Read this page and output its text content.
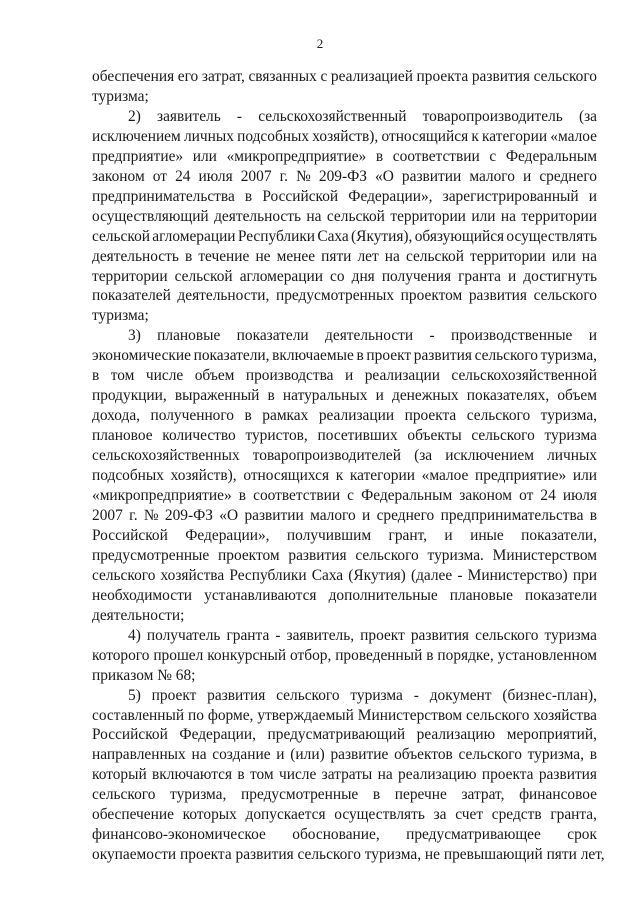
2
обеспечения его затрат, связанных с реализацией проекта развития сельского
туризма;
2) заявитель - сельскохозяйственный товаропроизводитель (за
исключением личных подсобных хозяйств), относящийся к категории «малое
предприятие» или «микропредприятие» в соответствии с Федеральным
законом от 24 июля 2007 г. № 209-ФЗ «О развитии малого и среднего
предпринимательства в Российской Федерации», зарегистрированный и
осуществляющий деятельность на сельской территории или на территории
сельской агломерации Республики Саха (Якутия), обязующийся осуществлять
деятельность в течение не менее пяти лет на сельской территории или на
территории сельской агломерации со дня получения гранта и достигнуть
показателей деятельности, предусмотренных проектом развития сельского
туризма;
3) плановые показатели деятельности - производственные и
экономические показатели, включаемые в проект развития сельского туризма,
в том числе объем производства и реализации сельскохозяйственной
продукции, выраженный в натуральных и денежных показателях, объем
дохода, полученного в рамках реализации проекта сельского туризма,
плановое количество туристов, посетивших объекты сельского туризма
сельскохозяйственных товаропроизводителей (за исключением личных
подсобных хозяйств), относящихся к категории «малое предприятие» или
«микропредприятие» в соответствии с Федеральным законом от 24 июля
2007 г. № 209-ФЗ «О развитии малого и среднего предпринимательства в
Российской Федерации», получившим грант, и иные показатели,
предусмотренные проектом развития сельского туризма. Министерством
сельского хозяйства Республики Саха (Якутия) (далее - Министерство) при
необходимости устанавливаются дополнительные плановые показатели
деятельности;
4) получатель гранта - заявитель, проект развития сельского туризма
которого прошел конкурсный отбор, проведенный в порядке, установленном
приказом № 68;
5) проект развития сельского туризма - документ (бизнес-план),
составленный по форме, утверждаемый Министерством сельского хозяйства
Российской Федерации, предусматривающий реализацию мероприятий,
направленных на создание и (или) развитие объектов сельского туризма, в
который включаются в том числе затраты на реализацию проекта развития
сельского туризма, предусмотренные в перечне затрат, финансовое
обеспечение которых допускается осуществлять за счет средств гранта,
финансово-экономическое обоснование, предусматривающее срок
окупаемости проекта развития сельского туризма, не превышающий пяти лет,
